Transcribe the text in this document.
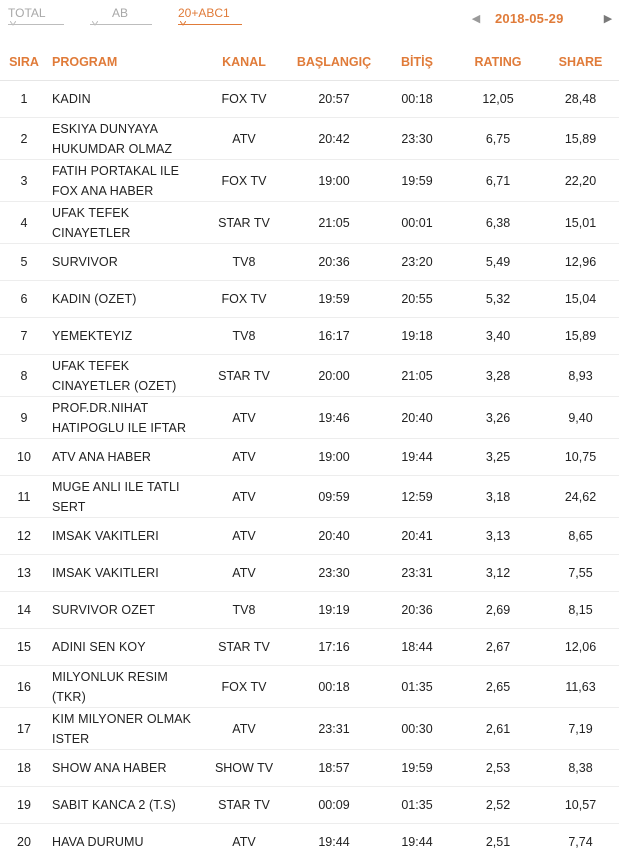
TOTAL	AB	20+ABC1	◀ 2018-05-29	▶
SIRA	PROGRAM	KANAL	BAŞLANGIÇ	BİTİŞ	RATING	SHARE
1	KADIN	FOX TV	20:57	00:18	12,05	28,48
2	ESKIYA DUNYAYA HUKUMDAR OLMAZ	ATV	20:42	23:30	6,75	15,89
3	FATIH PORTAKAL ILE FOX ANA HABER	FOX TV	19:00	19:59	6,71	22,20
4	UFAK TEFEK CINAYETLER	STAR TV	21:05	00:01	6,38	15,01
5	SURVIVOR	TV8	20:36	23:20	5,49	12,96
6	KADIN (OZET)	FOX TV	19:59	20:55	5,32	15,04
7	YEMEKTEYIZ	TV8	16:17	19:18	3,40	15,89
8	UFAK TEFEK CINAYETLER (OZET)	STAR TV	20:00	21:05	3,28	8,93
9	PROF.DR.NIHAT HATIPOGLU ILE IFTAR	ATV	19:46	20:40	3,26	9,40
10	ATV ANA HABER	ATV	19:00	19:44	3,25	10,75
11	MUGE ANLI ILE TATLI SERT	ATV	09:59	12:59	3,18	24,62
12	IMSAK VAKITLERI	ATV	20:40	20:41	3,13	8,65
13	IMSAK VAKITLERI	ATV	23:30	23:31	3,12	7,55
14	SURVIVOR OZET	TV8	19:19	20:36	2,69	8,15
15	ADINI SEN KOY	STAR TV	17:16	18:44	2,67	12,06
16	MILYONLUK RESIM (TKR)	FOX TV	00:18	01:35	2,65	11,63
17	KIM MILYONER OLMAK ISTER	ATV	23:31	00:30	2,61	7,19
18	SHOW ANA HABER	SHOW TV	18:57	19:59	2,53	8,38
19	SABIT KANCA 2 (T.S)	STAR TV	00:09	01:35	2,52	10,57
20	HAVA DURUMU	ATV	19:44	19:44	2,51	7,74
